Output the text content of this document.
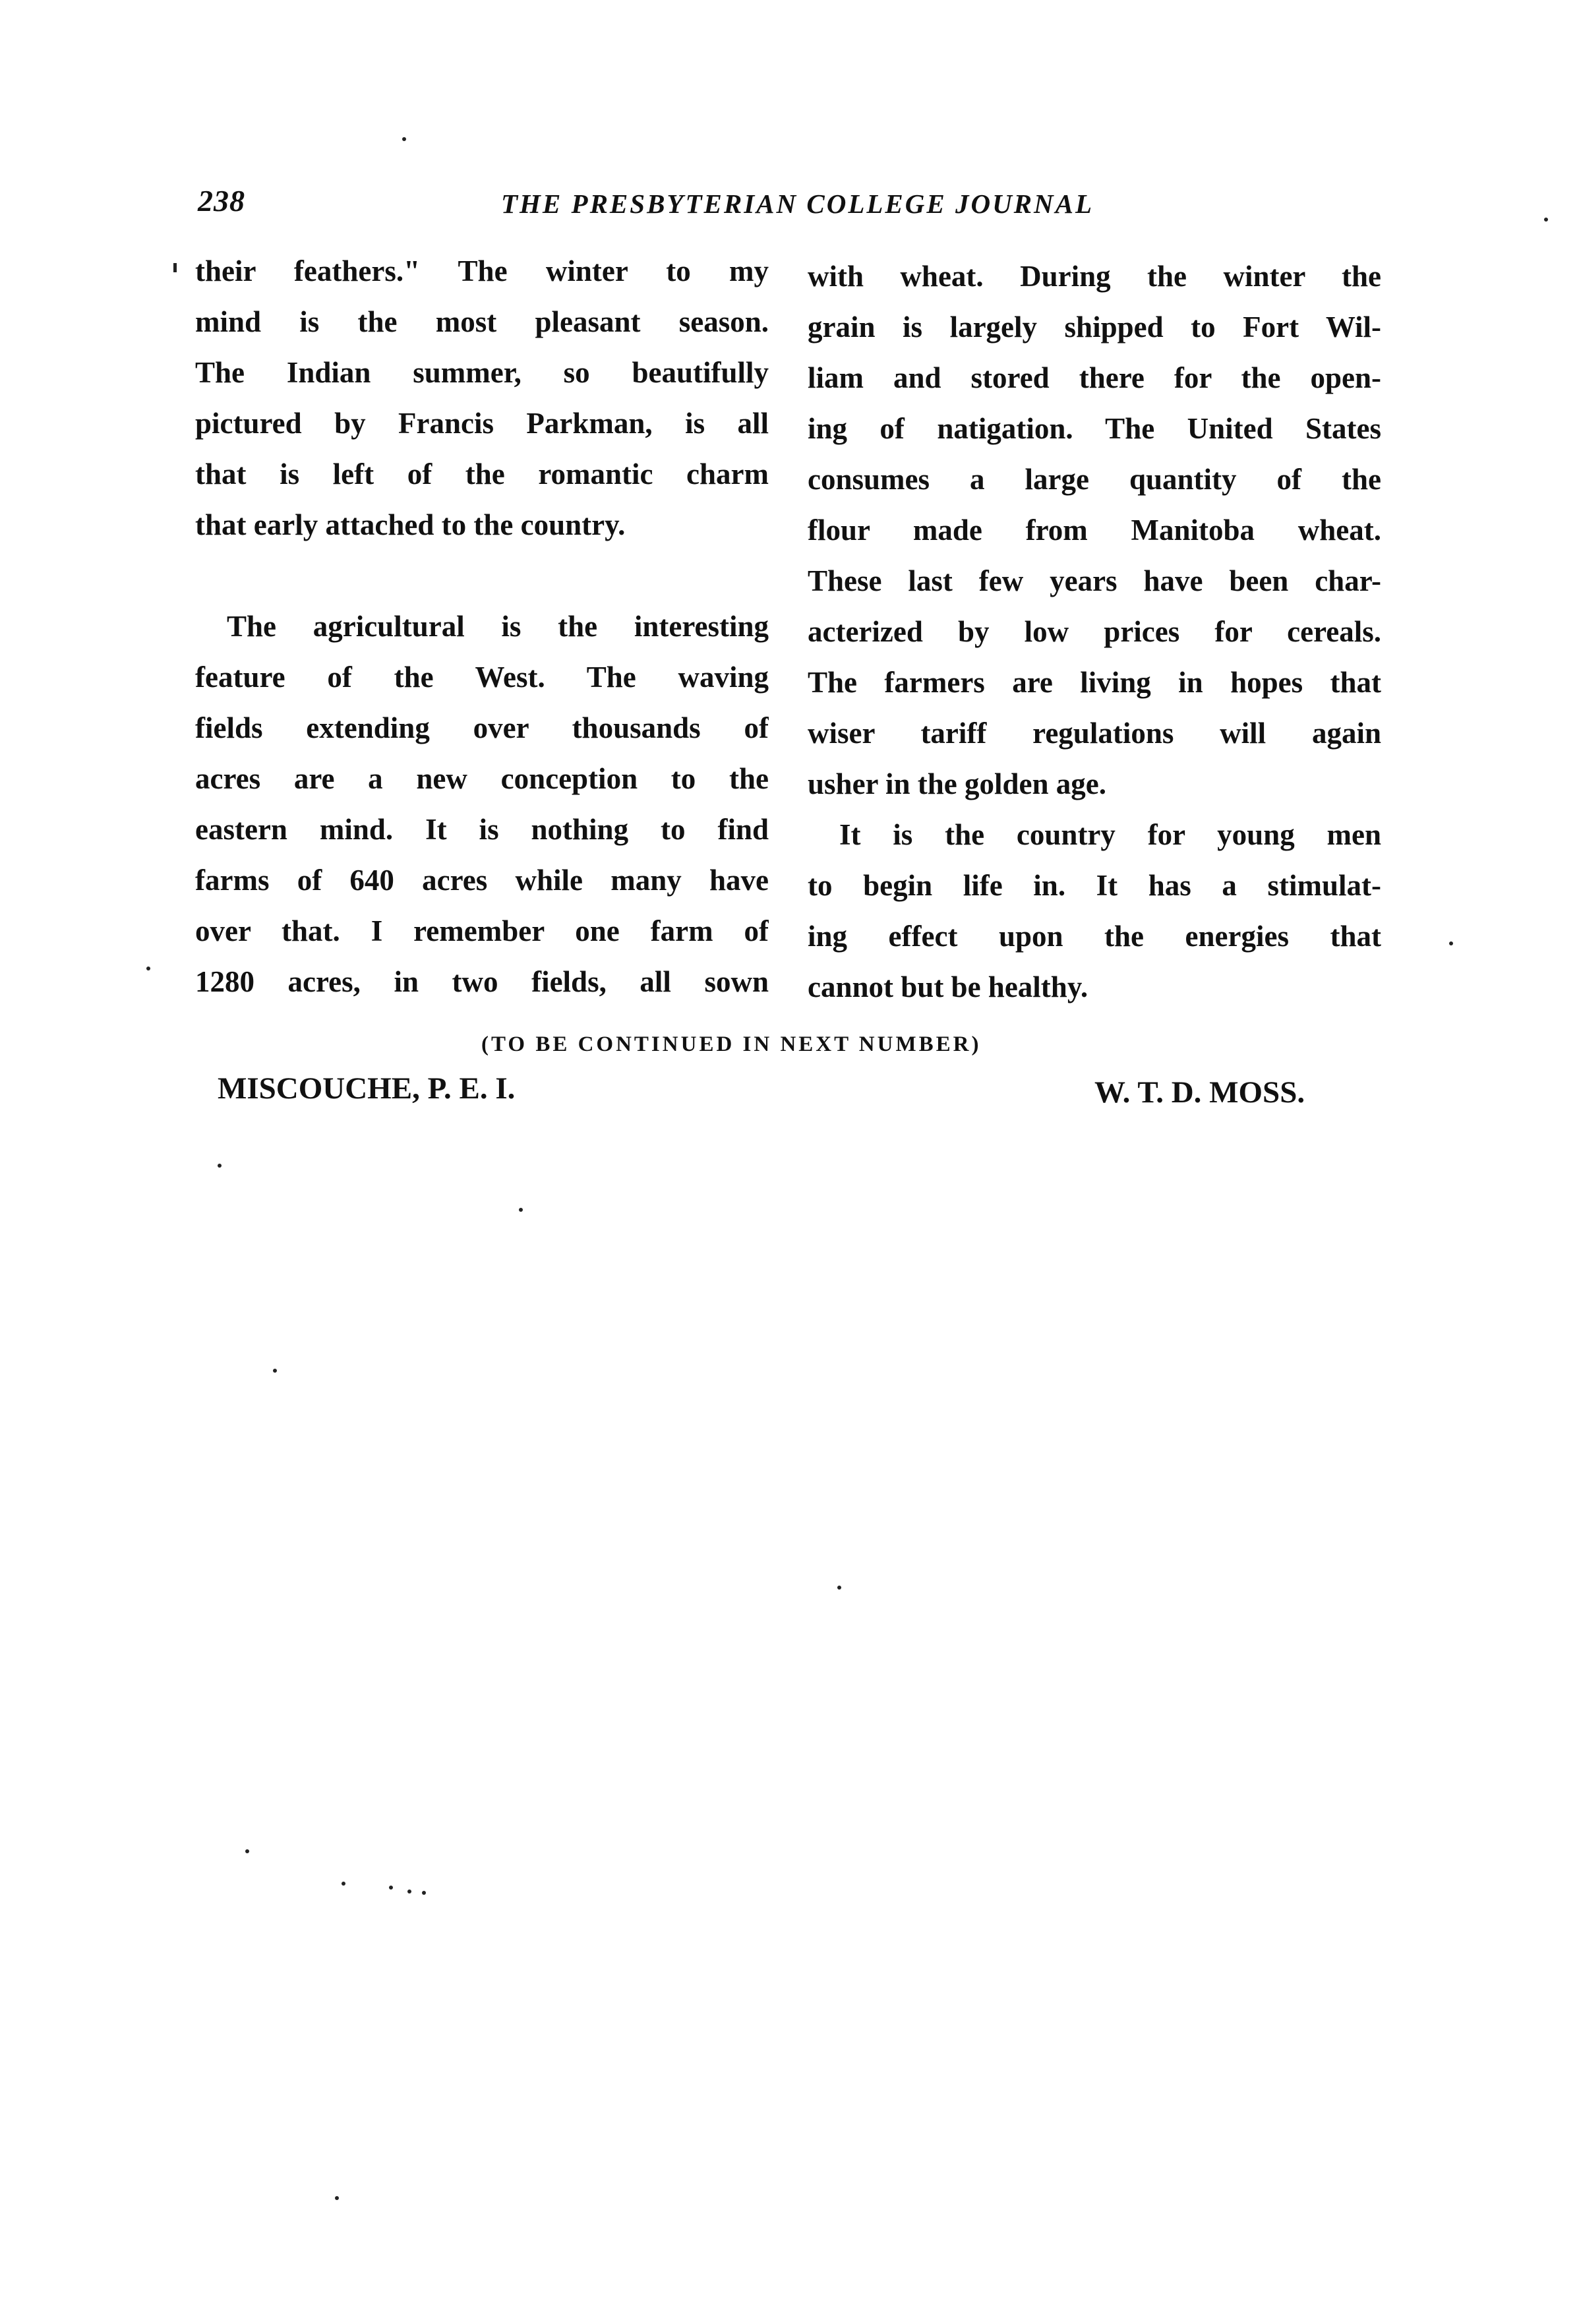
238	THE PRESBYTERIAN COLLEGE JOURNAL

their feathers." The winter to my

mind is the most pleasant season.

The Indian summer, so beautifully

pictured by Francis Parkman, is all

that is left of the romantic charm

that early attached to the country.

The agricultural is the interesting

feature of the West. The waving

fields extending over thousands of

acres are a new conception to the

eastern mind. It is nothing to find

farms of 640 acres while many have

over that. I remember one farm of

1280 acres, in two fields, all sown

with wheat. During the winter the

grain is largely shipped to Fort Wil-

liam and stored there for the open-

ing of natigation. The United States

consumes a large quantity of the

flour made from Manitoba wheat.

These last few years have been char-

acterized by low prices for cereals.

The farmers are living in hopes that

wiser tariff regulations will again

usher in the golden age.

It is the country for young men

to begin life in. It has a stimulat-

ing effect upon the energies that

cannot but be healthy.

(TO BE CONTINUED IN NEXT NUMBER)
MISCOUCHE, P. E. I.	W. T. D. MOSS.
